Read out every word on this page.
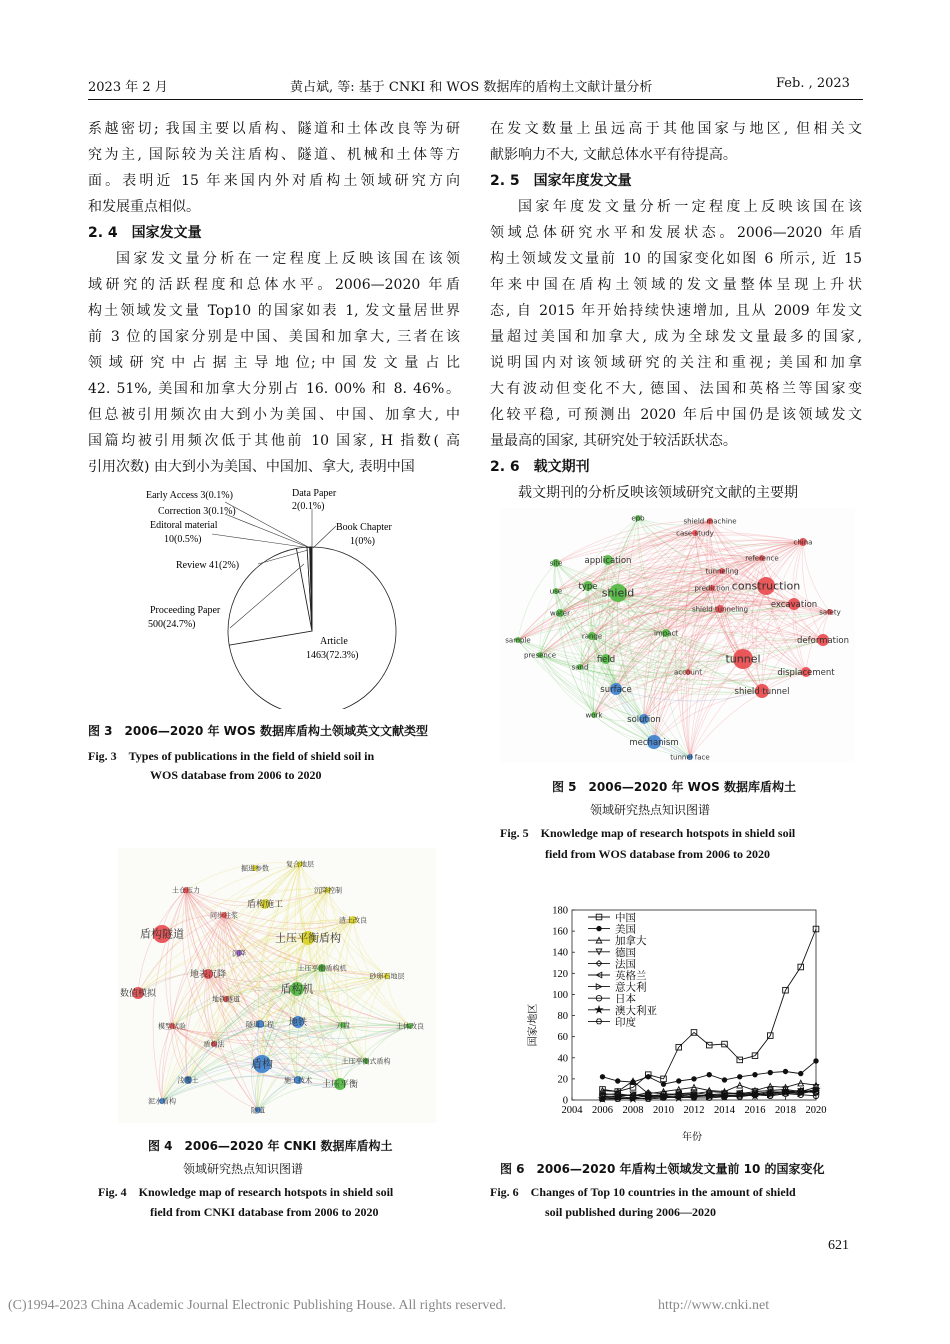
2023 年 2 月	黄占斌, 等: 基于 CNKI 和 WOS 数据库的盾构土文献计量分析	Feb. , 2023

系越密切; 我国主要以盾构、隧道和土体改良等为研
究为主, 国际较为关注盾构、隧道、机械和土体等方
面。表明近 15 年来国内外对盾构土领域研究方向
和发展重点相似。

2. 4　国家发文量

国家发文量分析在一定程度上反映该国在该领
域研究的活跃程度和总体水平。2006—2020 年盾
构土领域发文量 Top10 的国家如表 1, 发文量居世界
前 3 位的国家分别是中国、美国和加拿大, 三者在该
领 域 研 究 中 占 据 主 导 地 位; 中 国 发 文 量 占 比
42. 51%, 美国和加拿大分别占 16. 00% 和 8. 46%。
但总被引用频次由大到小为美国、中国、加拿大, 中
国篇均被引用频次低于其他前 10 国家, H 指数( 高
引用次数) 由大到小为美国、中国加、拿大, 表明中国

在发文数量上虽远高于其他国家与地区, 但相关文
献影响力不大, 文献总体水平有待提高。

2. 5　国家年度发文量

国家年度发文量分析一定程度上反映该国在该
领域总体研究水平和发展状态。2006—2020 年盾
构土领域发文量前 10 的国家变化如图 6 所示, 近 15
年来中国在盾构土领域的发文量整体呈现上升状
态, 自 2015 年开始持续快速增加, 且从 2009 年发文
量超过美国和加拿大, 成为全球发文量最多的国家,
说明国内对该领域研究的关注和重视; 美国和加拿
大有波动但变化不大, 德国、法国和英格兰等国家变
化较平稳, 可预测出 2020 年后中国仍是该领域发文
量最高的国家, 其研究处于较活跃状态。

2. 6　载文期刊

载文期刊的分析反映该领域研究文献的主要期

Early Access 3(0.1%)
Correction 3(0.1%)
Editoral material
10(0.5%)
Review 41(2%)
Proceeding Paper
500(24.7%)
Data Paper
2(0.1%)
Book Chapter
1(0%)
Article
1463(72.3%)
图 3　2006—2020 年 WOS 数据库盾构土领域英文文献类型
Fig. 3　Types of publications in the field of shield soil in
WOS database from 2006 to 2020
掘进参数 复合地层
土仓压力
盾构施工
沉降控制
同步注浆
盾构隧道	土压平衡盾构
渣土改良
沉降
地表沉降
土压平衡盾构机
数值模拟	盾构机
砂卵石地层
地铁隧道
模型试验	隧道工程 地铁	刀盘	土体改良
盾构法
盾构	土压平衡式盾构
浅覆土	施工技术 土压平衡
泥水盾构
隧道
图 4　2006—2020 年 CNKI 数据库盾构土
领域研究热点知识图谱
Fig. 4　Knowledge map of research hotspots in shield soil
field from CNKI database from 2006 to 2020
epb	shield machine
case study
china
application	reference
site
tunneling
type shield
construction
prediction
use
excavation
safety
shield tunneling
water
impact
sample	range	deformation
presence	tunnel
field
sand
account	displacement
surface	shield tunnel
work	solution
mechanism
tunnel face
图 5　2006—2020 年 WOS 数据库盾构土
领域研究热点知识图谱
Fig. 5　Knowledge map of research hotspots in shield soil
field from WOS database from 2006 to 2020
0
20
40
60
80
100
120
140
160
180
2004 2006 2008 2010 2012 2014 2016 2018 2020
中国
美国
加拿大
德国
法国
英格兰
意大利
日本
澳大利亚
印度
国家/地区
年份
图 6　2006—2020 年盾构土领域发文量前 10 的国家变化
Fig. 6　Changes of Top 10 countries in the amount of shield
soil published during 2006—2020
621
(C)1994-2023 China Academic Journal Electronic Publishing House. All rights reserved.	http://www.cnki.net
